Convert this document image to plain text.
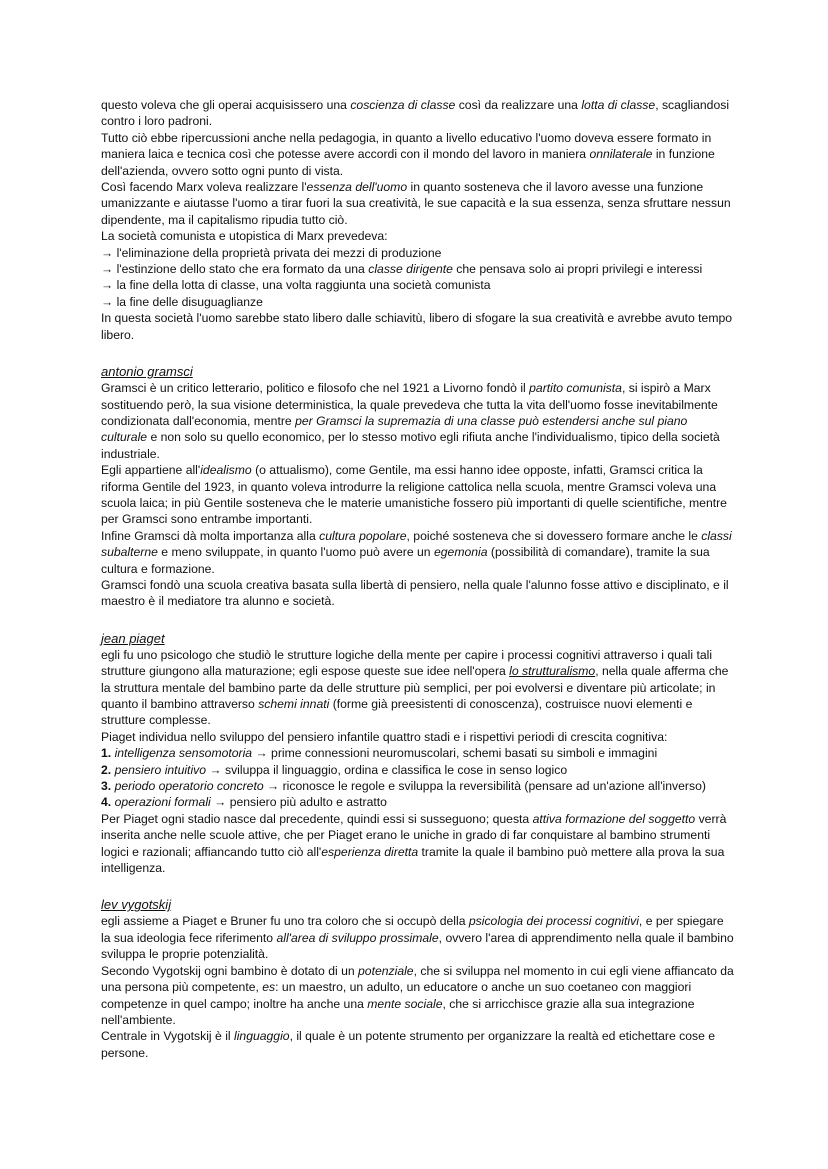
questo voleva che gli operai acquisissero una coscienza di classe così da realizzare una lotta di classe, scagliandosi contro i loro padroni.

Tutto ciò ebbe ripercussioni anche nella pedagogia, in quanto a livello educativo l'uomo doveva essere formato in maniera laica e tecnica così che potesse avere accordi con il mondo del lavoro in maniera onnilaterale in funzione dell'azienda, ovvero sotto ogni punto di vista.

Così facendo Marx voleva realizzare l'essenza dell'uomo in quanto sosteneva che il lavoro avesse una funzione umanizzante e aiutasse l'uomo a tirar fuori la sua creatività, le sue capacità e la sua essenza, senza sfruttare nessun dipendente, ma il capitalismo ripudia tutto ciò.

La società comunista e utopistica di Marx prevedeva:

→ l'eliminazione della proprietà privata dei mezzi di produzione

→ l'estinzione dello stato che era formato da una classe dirigente che pensava solo ai propri privilegi e interessi

→ la fine della lotta di classe, una volta raggiunta una società comunista

→ la fine delle disuguaglianze

In questa società l'uomo sarebbe stato libero dalle schiavitù, libero di sfogare la sua creatività e avrebbe avuto tempo libero.

antonio gramsci

Gramsci è un critico letterario, politico e filosofo che nel 1921 a Livorno fondò il partito comunista, si ispirò a Marx sostituendo però, la sua visione deterministica, la quale prevedeva che tutta la vita dell'uomo fosse inevitabilmente condizionata dall'economia, mentre per Gramsci la supremazia di una classe può estendersi anche sul piano culturale e non solo su quello economico, per lo stesso motivo egli rifiuta anche l'individualismo, tipico della società industriale.

Egli appartiene all'idealismo (o attualismo), come Gentile, ma essi hanno idee opposte, infatti, Gramsci critica la riforma Gentile del 1923, in quanto voleva introdurre la religione cattolica nella scuola, mentre Gramsci voleva una scuola laica; in più Gentile sosteneva che le materie umanistiche fossero più importanti di quelle scientifiche, mentre per Gramsci sono entrambe importanti.

Infine Gramsci dà molta importanza alla cultura popolare, poiché sosteneva che si dovessero formare anche le classi subalterne e meno sviluppate, in quanto l'uomo può avere un egemonia (possibilità di comandare), tramite la sua cultura e formazione.

Gramsci fondò una scuola creativa basata sulla libertà di pensiero, nella quale l'alunno fosse attivo e disciplinato, e il maestro è il mediatore tra alunno e società.

jean piaget

egli fu uno psicologo che studiò le strutture logiche della mente per capire i processi cognitivi attraverso i quali tali strutture giungono alla maturazione; egli espose queste sue idee nell'opera lo strutturalismo, nella quale afferma che la struttura mentale del bambino parte da delle strutture più semplici, per poi evolversi e diventare più articolate; in quanto il bambino attraverso schemi innati (forme già preesistenti di conoscenza), costruisce nuovi elementi e strutture complesse.

Piaget individua nello sviluppo del pensiero infantile quattro stadi e i rispettivi periodi di crescita cognitiva:

1. intelligenza sensomotoria → prime connessioni neuromuscolari, schemi basati su simboli e immagini

2. pensiero intuitivo → sviluppa il linguaggio, ordina e classifica le cose in senso logico

3. periodo operatorio concreto → riconosce le regole e sviluppa la reversibilità (pensare ad un'azione all'inverso)

4. operazioni formali → pensiero più adulto e astratto

Per Piaget ogni stadio nasce dal precedente, quindi essi si susseguono; questa attiva formazione del soggetto verrà inserita anche nelle scuole attive, che per Piaget erano le uniche in grado di far conquistare al bambino strumenti logici e razionali; affiancando tutto ciò all'esperienza diretta tramite la quale il bambino può mettere alla prova la sua intelligenza.

lev vygotskij

egli assieme a Piaget e Bruner fu uno tra coloro che si occupò della psicologia dei processi cognitivi, e per spiegare la sua ideologia fece riferimento all'area di sviluppo prossimale, ovvero l'area di apprendimento nella quale il bambino sviluppa le proprie potenzialità.

Secondo Vygotskij ogni bambino è dotato di un potenziale, che si sviluppa nel momento in cui egli viene affiancato da una persona più competente, es: un maestro, un adulto, un educatore o anche un suo coetaneo con maggiori competenze in quel campo; inoltre ha anche una mente sociale, che si arricchisce grazie alla sua integrazione nell'ambiente.

Centrale in Vygotskij è il linguaggio, il quale è un potente strumento per organizzare la realtà ed etichettare cose e persone.
